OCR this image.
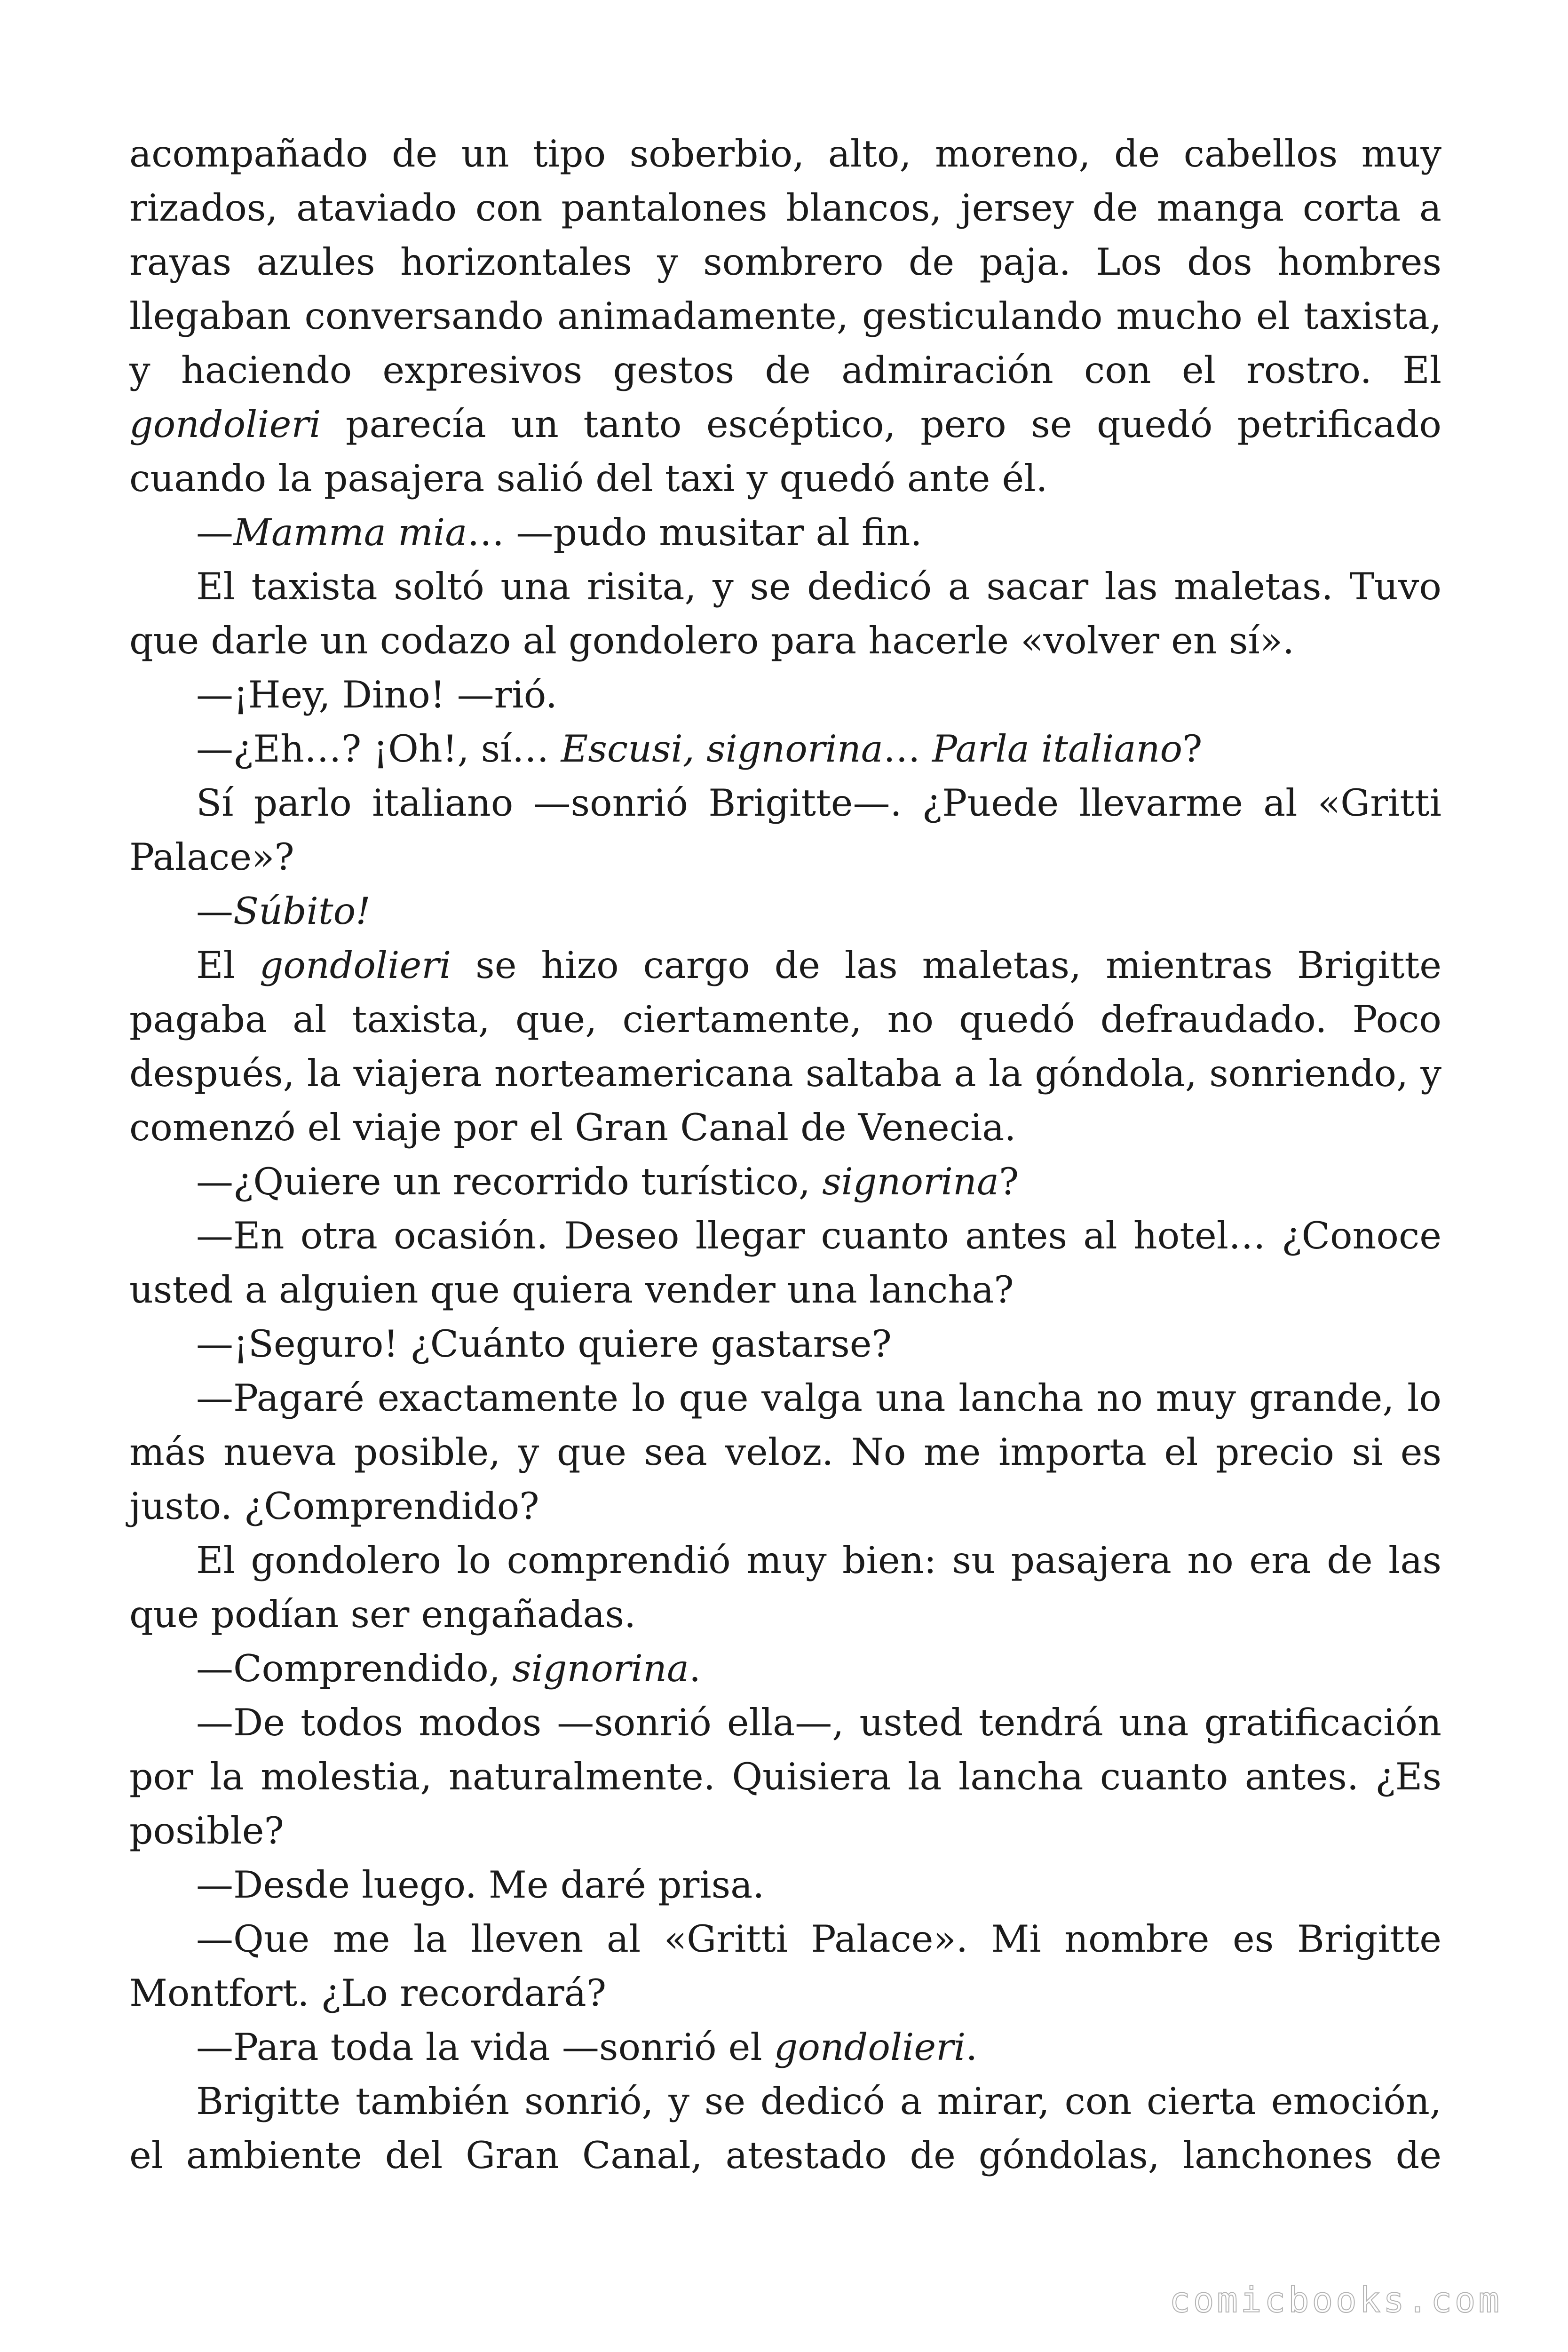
acompañado de un tipo soberbio, alto, moreno, de cabellos muy rizados, ataviado con pantalones blancos, jersey de manga corta a rayas azules horizontales y sombrero de paja. Los dos hombres llegaban conversando animadamente, gesticulando mucho el taxista, y haciendo expresivos gestos de admiración con el rostro. El gondolieri parecía un tanto escéptico, pero se quedó petrificado cuando la pasajera salió del taxi y quedó ante él.

—Mamma mia… —pudo musitar al fin.

El taxista soltó una risita, y se dedicó a sacar las maletas. Tuvo que darle un codazo al gondolero para hacerle «volver en sí».

—¡Hey, Dino! —rió.

—¿Eh…? ¡Oh!, sí… Escusi, signorina… Parla italiano?

Sí parlo italiano —sonrió Brigitte—. ¿Puede llevarme al «Gritti Palace»?

—Súbito!

El gondolieri se hizo cargo de las maletas, mientras Brigitte pagaba al taxista, que, ciertamente, no quedó defraudado. Poco después, la viajera norteamericana saltaba a la góndola, sonriendo, y comenzó el viaje por el Gran Canal de Venecia.

—¿Quiere un recorrido turístico, signorina?

—En otra ocasión. Deseo llegar cuanto antes al hotel… ¿Conoce usted a alguien que quiera vender una lancha?

—¡Seguro! ¿Cuánto quiere gastarse?

—Pagaré exactamente lo que valga una lancha no muy grande, lo más nueva posible, y que sea veloz. No me importa el precio si es justo. ¿Comprendido?

El gondolero lo comprendió muy bien: su pasajera no era de las que podían ser engañadas.

—Comprendido, signorina.

—De todos modos —sonrió ella—, usted tendrá una gratificación por la molestia, naturalmente. Quisiera la lancha cuanto antes. ¿Es posible?

—Desde luego. Me daré prisa.

—Que me la lleven al «Gritti Palace». Mi nombre es Brigitte Montfort. ¿Lo recordará?

—Para toda la vida —sonrió el gondolieri.

Brigitte también sonrió, y se dedicó a mirar, con cierta emoción, el ambiente del Gran Canal, atestado de góndolas, lanchones de

comicbooks.com
